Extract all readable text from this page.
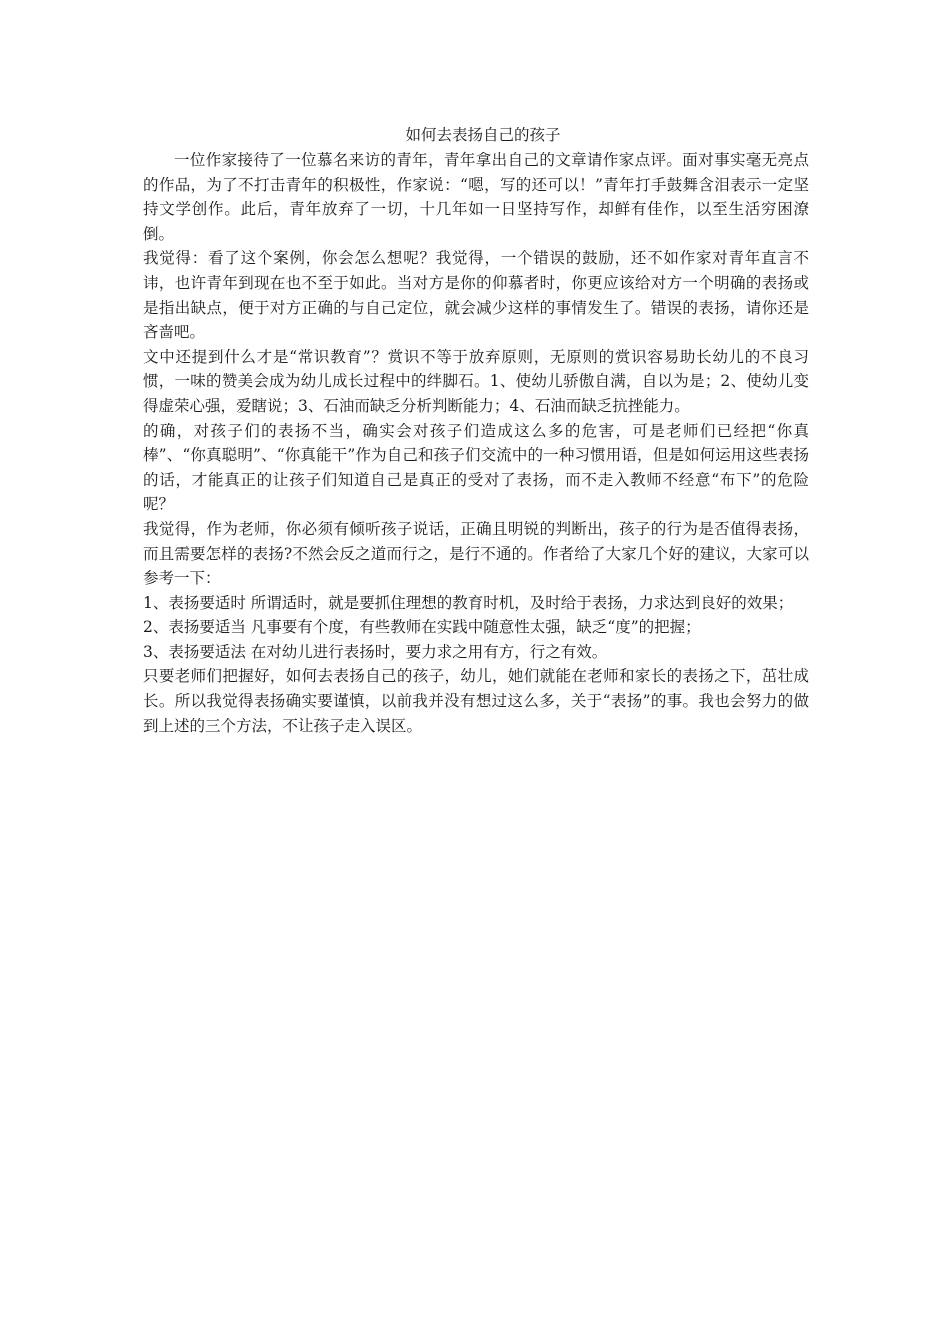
如何去表扬自己的孩子

一位作家接待了一位慕名来访的青年，青年拿出自己的文章请作家点评。面对事实毫无亮点的作品，为了不打击青年的积极性，作家说：“嗯，写的还可以！”青年打手鼓舞含泪表示一定坚持文学创作。此后，青年放弃了一切，十几年如一日坚持写作，却鲜有佳作，以至生活穷困潦倒。

我觉得：看了这个案例，你会怎么想呢？我觉得，一个错误的鼓励，还不如作家对青年直言不讳，也许青年到现在也不至于如此。当对方是你的仰慕者时，你更应该给对方一个明确的表扬或是指出缺点，便于对方正确的与自己定位，就会减少这样的事情发生了。错误的表扬，请你还是吝啬吧。

文中还提到什么才是“常识教育”？赏识不等于放弃原则，无原则的赏识容易助长幼儿的不良习惯，一味的赞美会成为幼儿成长过程中的绊脚石。1、使幼儿骄傲自满，自以为是；2、使幼儿变得虚荣心强，爱瞎说；3、石油而缺乏分析判断能力；4、石油而缺乏抗挫能力。

的确，对孩子们的表扬不当，确实会对孩子们造成这么多的危害，可是老师们已经把“你真棒”、“你真聪明”、“你真能干”作为自己和孩子们交流中的一种习惯用语，但是如何运用这些表扬的话，才能真正的让孩子们知道自己是真正的受对了表扬，而不走入教师不经意“布下”的危险呢？

我觉得，作为老师，你必须有倾听孩子说话，正确且明锐的判断出，孩子的行为是否值得表扬，而且需要怎样的表扬?不然会反之道而行之，是行不通的。作者给了大家几个好的建议，大家可以参考一下：

1、表扬要适时 所谓适时，就是要抓住理想的教育时机，及时给于表扬，力求达到良好的效果；

2、表扬要适当 凡事要有个度，有些教师在实践中随意性太强，缺乏“度”的把握；

3、表扬要适法 在对幼儿进行表扬时，要力求之用有方，行之有效。

只要老师们把握好，如何去表扬自己的孩子，幼儿，她们就能在老师和家长的表扬之下，茁壮成长。所以我觉得表扬确实要谨慎，以前我并没有想过这么多，关于“表扬”的事。我也会努力的做到上述的三个方法，不让孩子走入误区。
